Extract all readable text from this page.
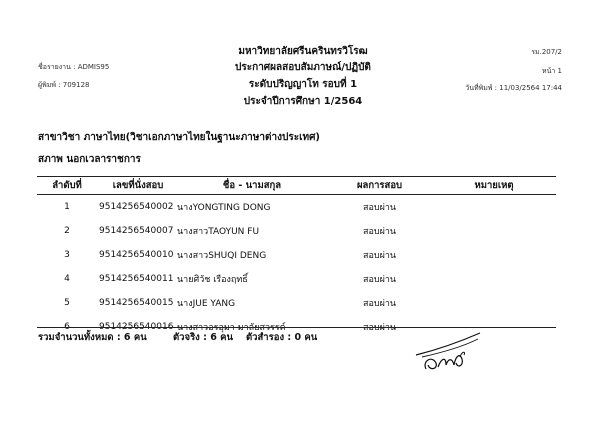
ชื่อรายงาน : ADMIS95
ผู้พิมพ์ : 709128
รม.207/2
หน้า 1
วันที่พิมพ์ : 11/03/2564 17:44
มหาวิทยาลัยศรีนครินทรวิโรฒ
ประกาศผลสอบสัมภาษณ์/ปฏิบัติ
ระดับปริญญาโท รอบที่ 1
ประจำปีการศึกษา 1/2564
สาขาวิชา ภาษาไทย(วิชาเอกภาษาไทยในฐานะภาษาต่างประเทศ)
สภาพ นอกเวลาราชการ
ลำดับที่	เลขที่นั่งสอบ	ชื่อ - นามสกุล	ผลการสอบ	หมายเหตุ
1	9514256540002	นางYONGTING DONG	สอบผ่าน	
2	9514256540007	นางสาวTAOYUN FU	สอบผ่าน	
3	9514256540010	นางสาวSHUQI DENG	สอบผ่าน	
4	9514256540011	นายศิวัช เรืองฤทธิ์	สอบผ่าน	
5	9514256540015	นางJUE YANG	สอบผ่าน	
6	9514256540016	นางสาวอรอุมา มาลัยสวรรค์	สอบผ่าน	
รวมจำนวนทั้งหมด : 6 คน	ตัวจริง : 6 คน ตัวสำรอง : 0 คน
